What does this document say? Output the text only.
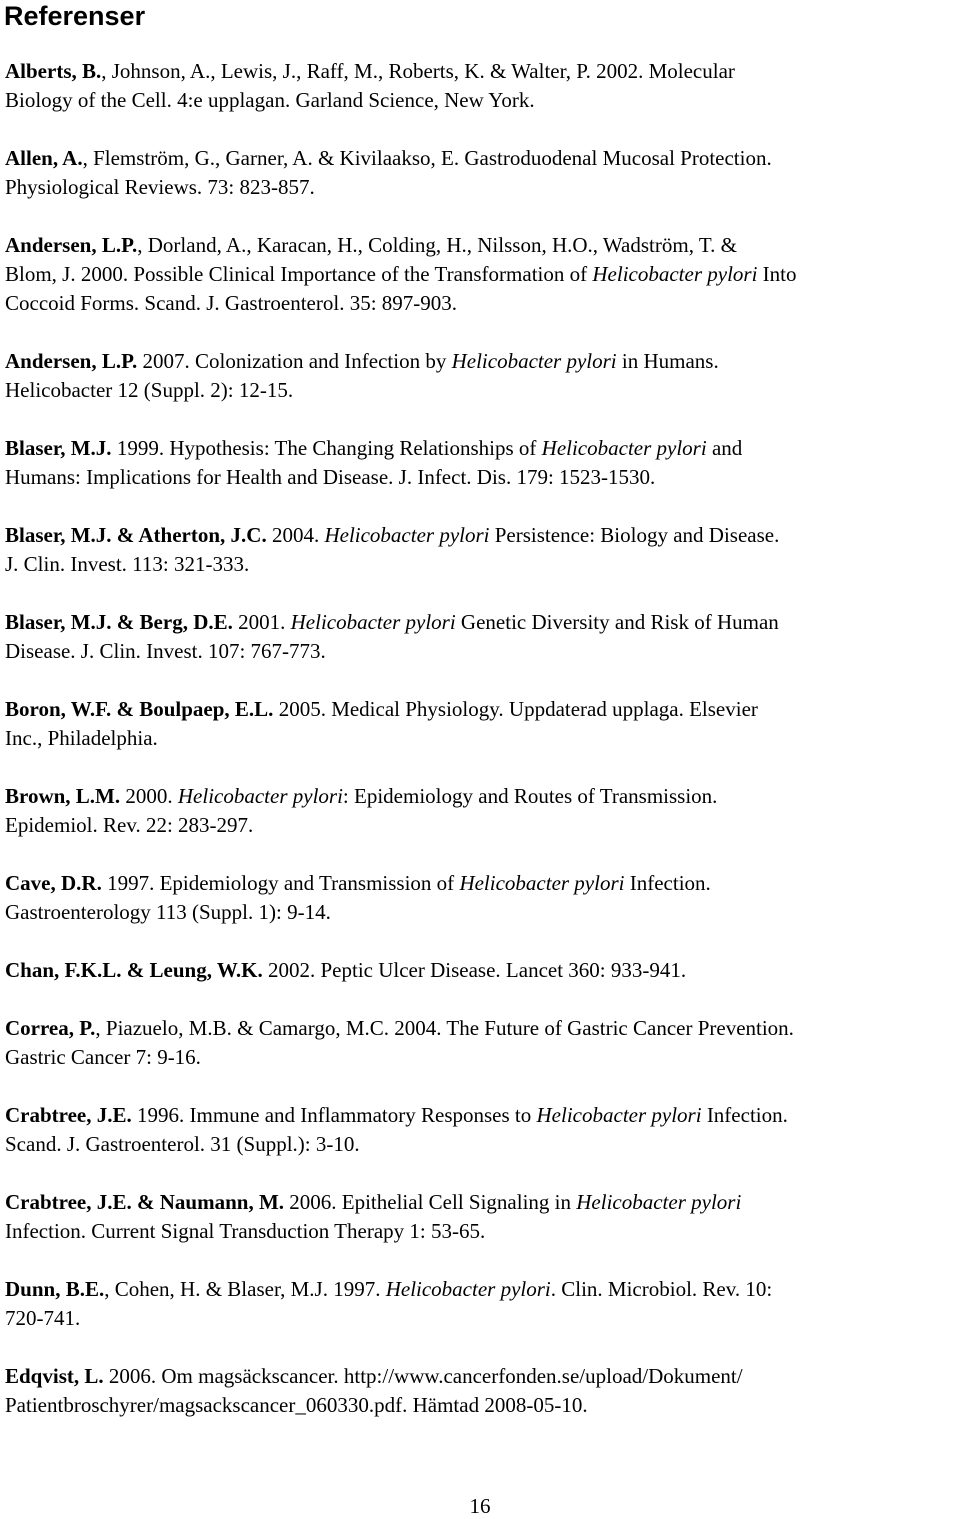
Referenser
Alberts, B., Johnson, A., Lewis, J., Raff, M., Roberts, K. & Walter, P. 2002. Molecular
Biology of the Cell. 4:e upplagan. Garland Science, New York.
Allen, A., Flemström, G., Garner, A. & Kivilaakso, E. Gastroduodenal Mucosal Protection.
Physiological Reviews. 73: 823-857.
Andersen, L.P., Dorland, A., Karacan, H., Colding, H., Nilsson, H.O., Wadström, T. &
Blom, J. 2000. Possible Clinical Importance of the Transformation of Helicobacter pylori Into
Coccoid Forms. Scand. J. Gastroenterol. 35: 897-903.
Andersen, L.P. 2007. Colonization and Infection by Helicobacter pylori in Humans.
Helicobacter 12 (Suppl. 2): 12-15.
Blaser, M.J. 1999. Hypothesis: The Changing Relationships of Helicobacter pylori and
Humans: Implications for Health and Disease. J. Infect. Dis. 179: 1523-1530.
Blaser, M.J. & Atherton, J.C. 2004. Helicobacter pylori Persistence: Biology and Disease.
J. Clin. Invest. 113: 321-333.
Blaser, M.J. & Berg, D.E. 2001. Helicobacter pylori Genetic Diversity and Risk of Human
Disease. J. Clin. Invest. 107: 767-773.
Boron, W.F. & Boulpaep, E.L. 2005. Medical Physiology. Uppdaterad upplaga. Elsevier
Inc., Philadelphia.
Brown, L.M. 2000. Helicobacter pylori: Epidemiology and Routes of Transmission.
Epidemiol. Rev. 22: 283-297.
Cave, D.R. 1997. Epidemiology and Transmission of Helicobacter pylori Infection.
Gastroenterology 113 (Suppl. 1): 9-14.
Chan, F.K.L. & Leung, W.K. 2002. Peptic Ulcer Disease. Lancet 360: 933-941.
Correa, P., Piazuelo, M.B. & Camargo, M.C. 2004. The Future of Gastric Cancer Prevention.
Gastric Cancer 7: 9-16.
Crabtree, J.E. 1996. Immune and Inflammatory Responses to Helicobacter pylori Infection.
Scand. J. Gastroenterol. 31 (Suppl.): 3-10.
Crabtree, J.E. & Naumann, M. 2006. Epithelial Cell Signaling in Helicobacter pylori
Infection. Current Signal Transduction Therapy 1: 53-65.
Dunn, B.E., Cohen, H. & Blaser, M.J. 1997. Helicobacter pylori. Clin. Microbiol. Rev. 10:
720-741.
Edqvist, L. 2006. Om magsäckscancer. http://www.cancerfonden.se/upload/Dokument/
Patientbroschyrer/magsackscancer_060330.pdf. Hämtad 2008-05-10.
16
